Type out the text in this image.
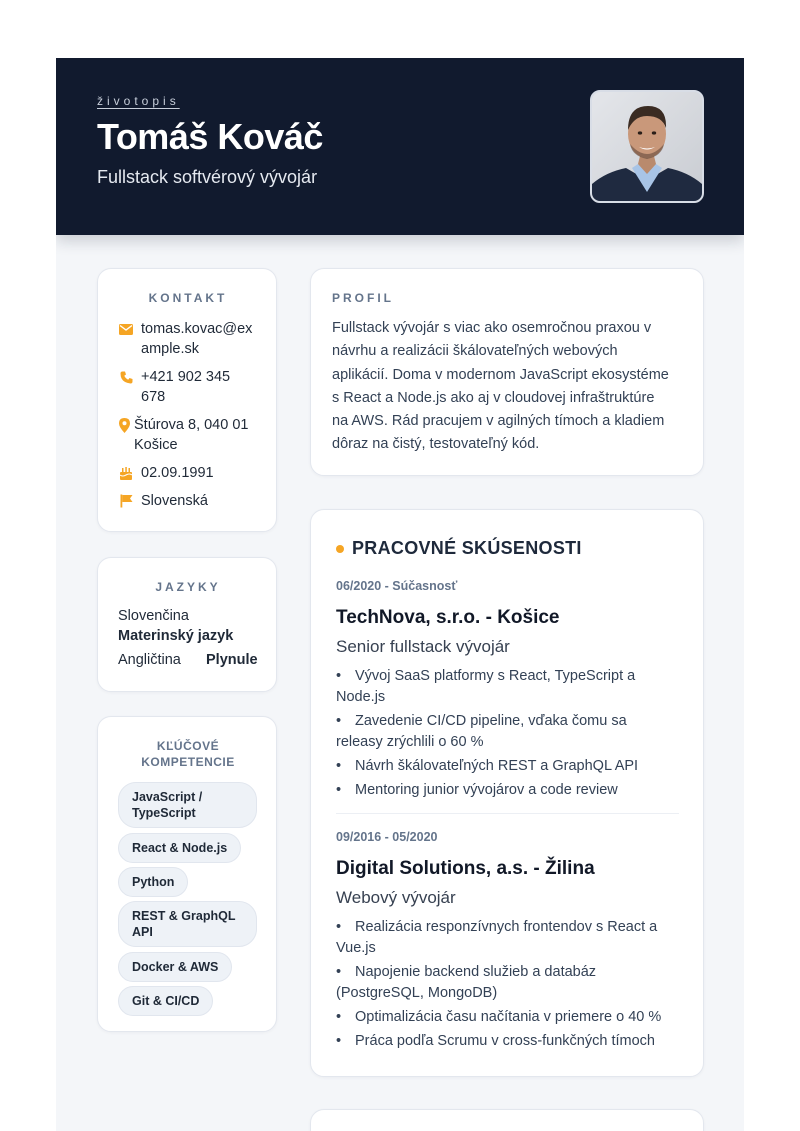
životopis
Tomáš Kováč
Fullstack softvérový vývojár
KONTAKT
tomas.kovac@ex
ample.sk
+421 902 345
678
Štúrova 8, 040 01
Košice
02.09.1991
Slovenská
JAZYKY
Slovenčina
Materinský jazyk
Angličtina Plynule
KĽÚČOVÉ
KOMPETENCIE
JavaScript /
TypeScript
React & Node.js
Python
REST & GraphQL
API
Docker & AWS
Git & CI/CD
PROFIL
Fullstack vývojár s viac ako osemročnou praxou v
návrhu a realizácii škálovateľných webových
aplikácií. Doma v modernom JavaScript ekosystéme
s React a Node.js ako aj v cloudovej infraštruktúre
na AWS. Rád pracujem v agilných tímoch a kladiem
dôraz na čistý, testovateľný kód.
PRACOVNÉ SKÚSENOSTI
06/2020 - Súčasnosť
TechNova, s.r.o. - Košice
Senior fullstack vývojár
• Vývoj SaaS platformy s React, TypeScript a
Node.js
• Zavedenie CI/CD pipeline, vďaka čomu sa
releasy zrýchlili o 60 %
• Návrh škálovateľných REST a GraphQL API
• Mentoring junior vývojárov a code review
09/2016 - 05/2020
Digital Solutions, a.s. - Žilina
Webový vývojár
• Realizácia responzívnych frontendov s React a
Vue.js
• Napojenie backend služieb a databáz
(PostgreSQL, MongoDB)
• Optimalizácia času načítania v priemere o 40 %
• Práca podľa Scrumu v cross-funkčných tímoch
